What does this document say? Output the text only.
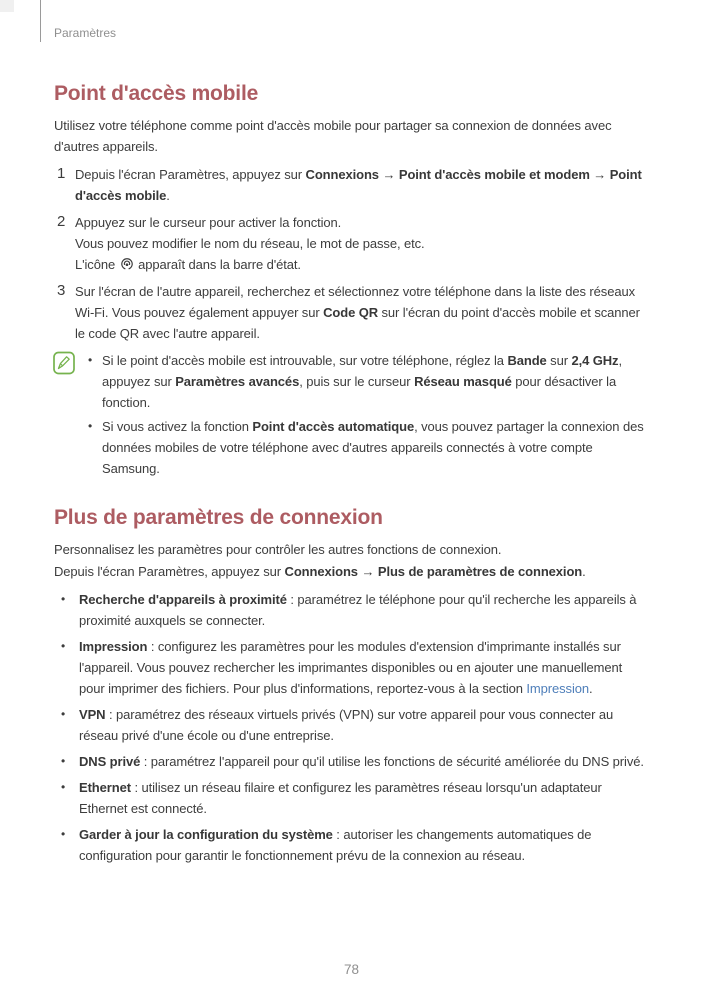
Paramètres
Point d'accès mobile

Utilisez votre téléphone comme point d'accès mobile pour partager sa connexion de données avec d'autres appareils.

1 Depuis l'écran Paramètres, appuyez sur Connexions → Point d'accès mobile et modem → Point d'accès mobile.

2 Appuyez sur le curseur pour activer la fonction.

Vous pouvez modifier le nom du réseau, le mot de passe, etc.

L'icône  apparaît dans la barre d'état.

3 Sur l'écran de l'autre appareil, recherchez et sélectionnez votre téléphone dans la liste des réseaux Wi-Fi. Vous pouvez également appuyer sur Code QR sur l'écran du point d'accès mobile et scanner le code QR avec l'autre appareil.

• Si le point d'accès mobile est introuvable, sur votre téléphone, réglez la Bande sur 2,4 GHz, appuyez sur Paramètres avancés, puis sur le curseur Réseau masqué pour désactiver la fonction.
• Si vous activez la fonction Point d'accès automatique, vous pouvez partager la connexion des données mobiles de votre téléphone avec d'autres appareils connectés à votre compte Samsung.
Plus de paramètres de connexion

Personnalisez les paramètres pour contrôler les autres fonctions de connexion.

Depuis l'écran Paramètres, appuyez sur Connexions → Plus de paramètres de connexion.

• Recherche d'appareils à proximité : paramétrez le téléphone pour qu'il recherche les appareils à proximité auxquels se connecter.
• Impression : configurez les paramètres pour les modules d'extension d'imprimante installés sur l'appareil. Vous pouvez rechercher les imprimantes disponibles ou en ajouter une manuellement pour imprimer des fichiers. Pour plus d'informations, reportez-vous à la section Impression.
• VPN : paramétrez des réseaux virtuels privés (VPN) sur votre appareil pour vous connecter au réseau privé d'une école ou d'une entreprise.
• DNS privé : paramétrez l'appareil pour qu'il utilise les fonctions de sécurité améliorée du DNS privé.
• Ethernet : utilisez un réseau filaire et configurez les paramètres réseau lorsqu'un adaptateur Ethernet est connecté.
• Garder à jour la configuration du système : autoriser les changements automatiques de configuration pour garantir le fonctionnement prévu de la connexion au réseau.
78
